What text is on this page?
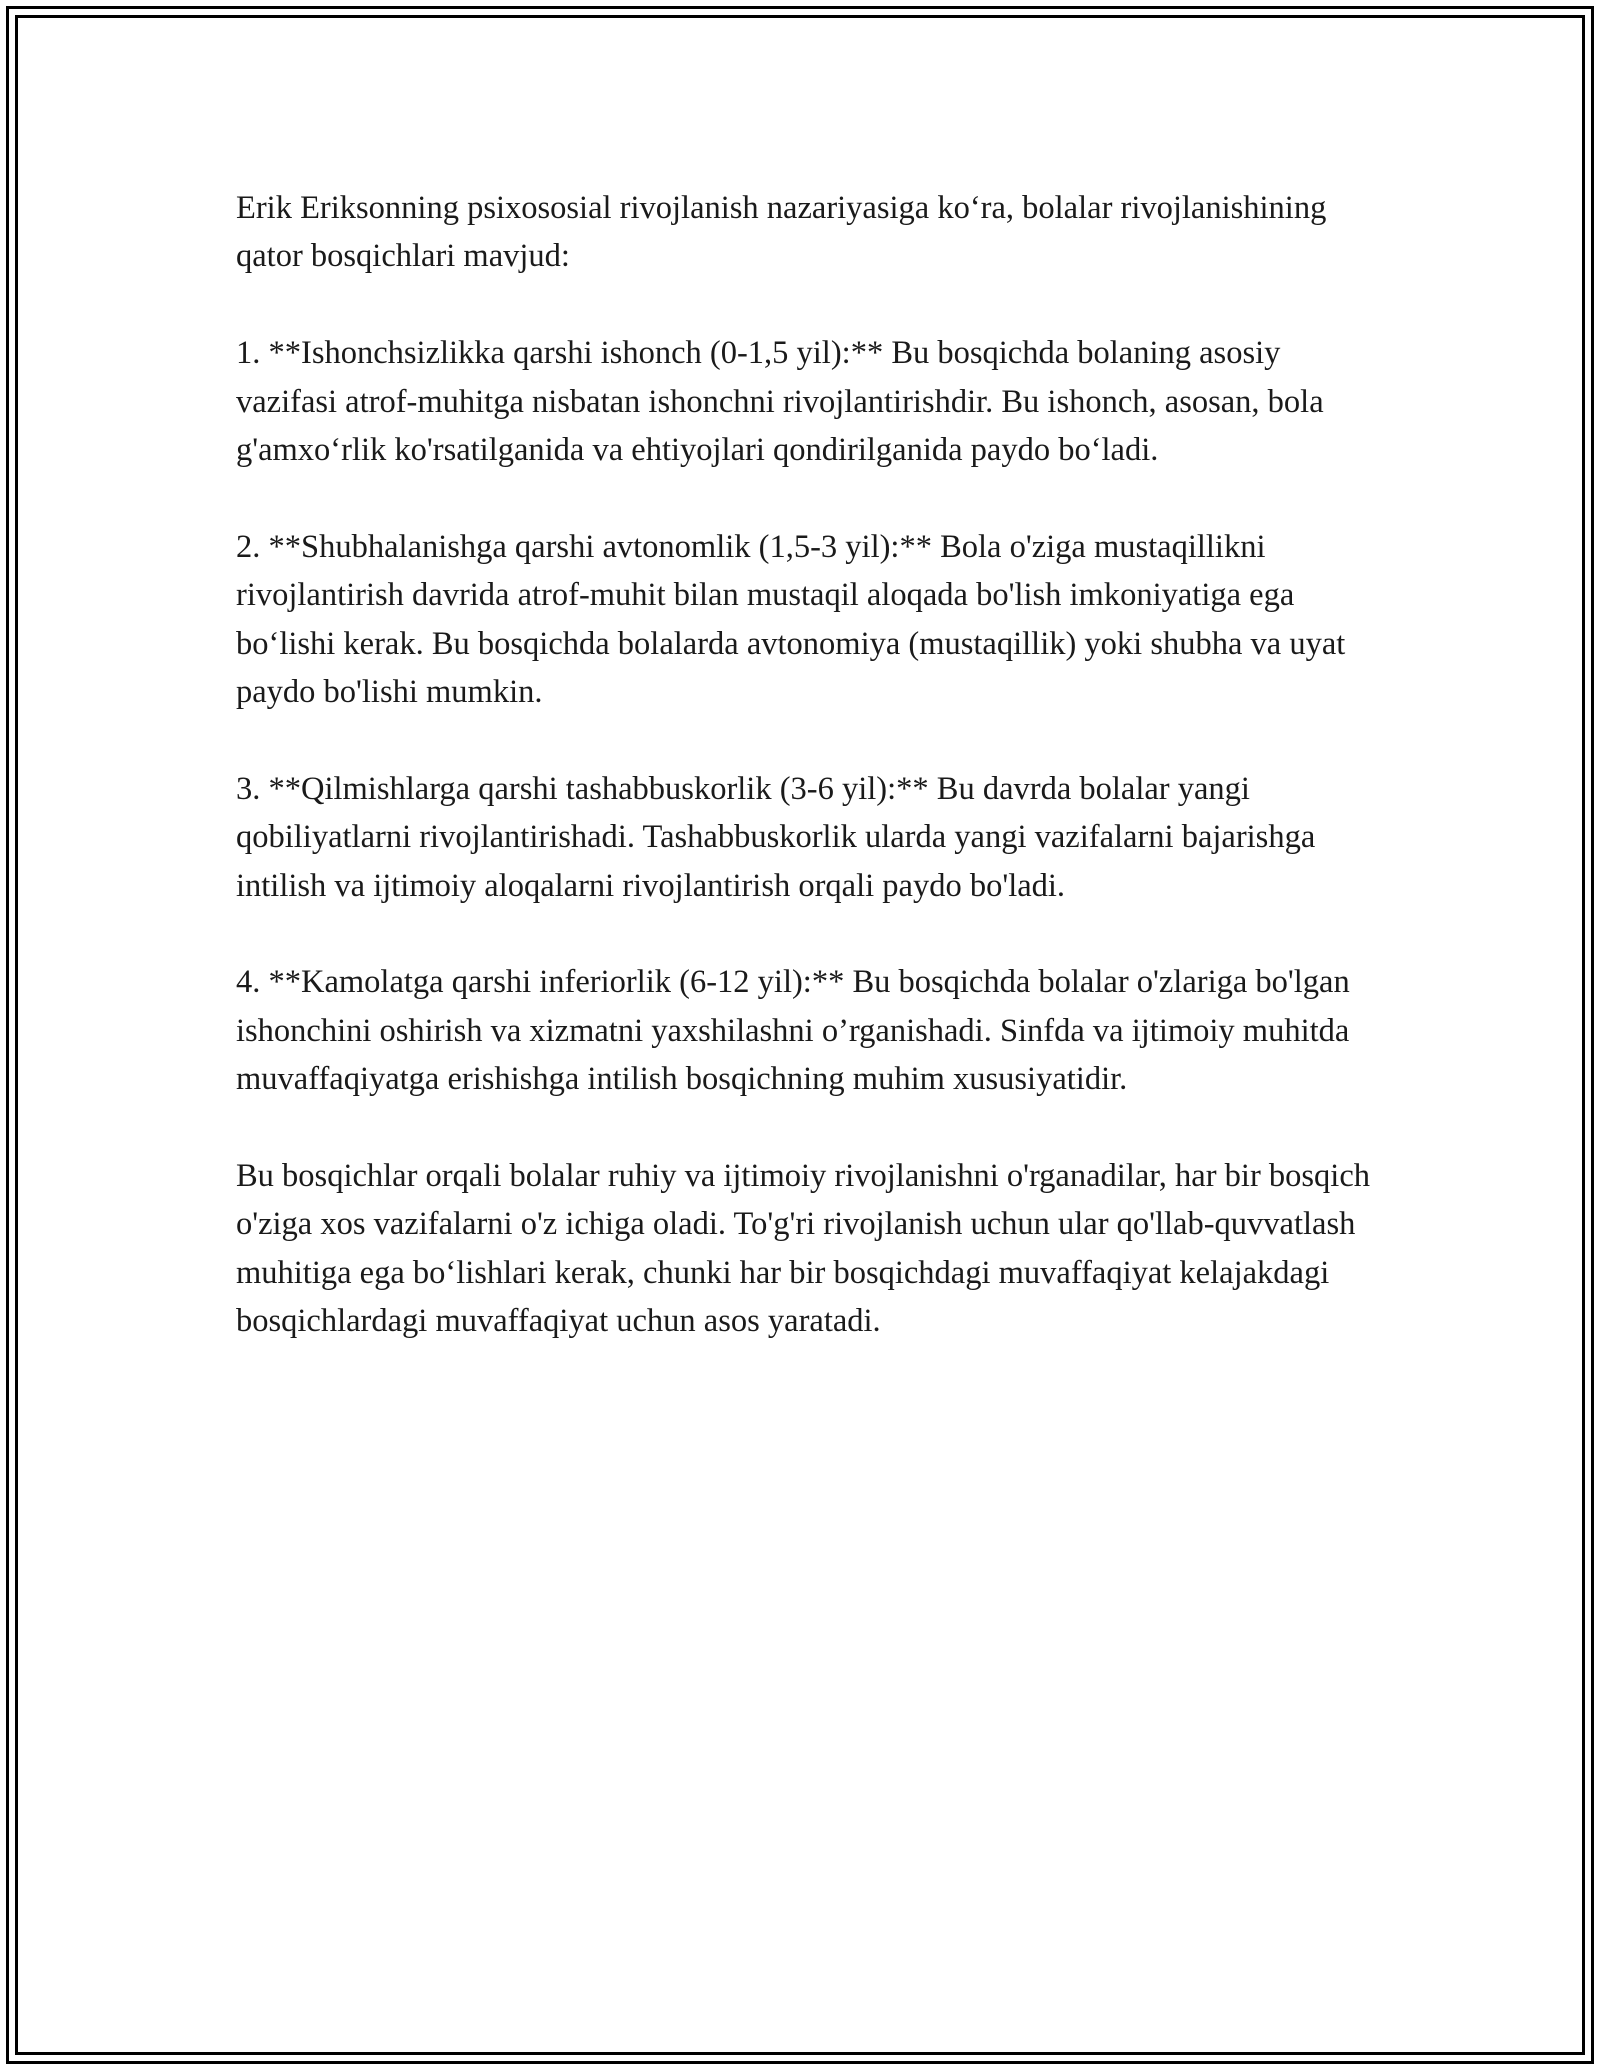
Erik Eriksonning psixososial rivojlanish nazariyasiga ko‘ra, bolalar rivojlanishining qator bosqichlari mavjud:

1. **Ishonchsizlikka qarshi ishonch (0-1,5 yil):** Bu bosqichda bolaning asosiy vazifasi atrof-muhitga nisbatan ishonchni rivojlantirishdir. Bu ishonch, asosan, bola g'amxo‘rlik ko'rsatilganida va ehtiyojlari qondirilganida paydo bo‘ladi.

2. **Shubhalanishga qarshi avtonomlik (1,5-3 yil):** Bola o'ziga mustaqillikni rivojlantirish davrida atrof-muhit bilan mustaqil aloqada bo'lish imkoniyatiga ega bo‘lishi kerak. Bu bosqichda bolalarda avtonomiya (mustaqillik) yoki shubha va uyat paydo bo'lishi mumkin.

3. **Qilmishlarga qarshi tashabbuskorlik (3-6 yil):** Bu davrda bolalar yangi qobiliyatlarni rivojlantirishadi. Tashabbuskorlik ularda yangi vazifalarni bajarishga intilish va ijtimoiy aloqalarni rivojlantirish orqali paydo bo'ladi.

4. **Kamolatga qarshi inferiorlik (6-12 yil):** Bu bosqichda bolalar o'zlariga bo'lgan ishonchini oshirish va xizmatni yaxshilashni o’rganishadi. Sinfda va ijtimoiy muhitda muvaffaqiyatga erishishga intilish bosqichning muhim xususiyatidir.

Bu bosqichlar orqali bolalar ruhiy va ijtimoiy rivojlanishni o'rganadilar, har bir bosqich o'ziga xos vazifalarni o'z ichiga oladi. To'g'ri rivojlanish uchun ular qo'llab-quvvatlash muhitiga ega bo‘lishlari kerak, chunki har bir bosqichdagi muvaffaqiyat kelajakdagi bosqichlardagi muvaffaqiyat uchun asos yaratadi.
